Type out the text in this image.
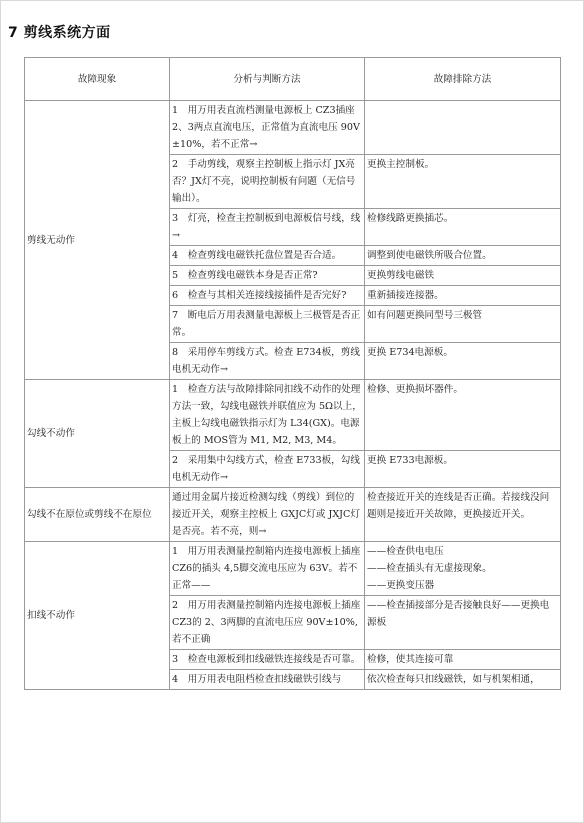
7 剪线系统方面
故障现象	分析与判断方法	故障排除方法
剪线无动作	1　用万用表直流档测量电源板上 CZ3插座 2、3两点直流电压，正常值为直流电压 90V±10%，若不正常→	
	2　手动剪线，观察主控制板上指示灯 JX亮否？JX灯不亮，说明控制板有问题（无信号输出）。	更换主控制板。
	3　灯亮，检查主控制板到电源板信号线，线→	检修线路更换插芯。
	4　检查剪线电磁铁托盘位置是否合适。	调整到使电磁铁所吸合位置。
	5　检查剪线电磁铁本身是否正常?	更换剪线电磁铁
	6　检查与其相关连接线接插件是否完好?	重新插接连接器。
	7　断电后万用表测量电源板上三极管是否正常。	如有问题更换同型号三极管
	8　采用停车剪线方式。检查 E734板，剪线电机无动作→	更换 E734电源板。
勾线不动作	1　检查方法与故障排除同扣线不动作的处理方法一致，勾线电磁铁并联值应为 5Ω以上，主板上勾线电磁铁指示灯为 L34(GX)。电源板上的 MOS管为 M1, M2, M3, M4。	检修、更换损坏器件。
	2　采用集中勾线方式，检查 E733板，勾线电机无动作→	更换 E733电源板。
勾线不在原位或剪线不在原位	通过用金属片接近检测勾线（剪线）到位的接近开关，观察主控板上 GXJC灯或 JXJC灯是否亮。若不亮，则→	检查接近开关的连线是否正确。若接线没问题则是接近开关故障，更换接近开关。
扣线不动作	1　用万用表测量控制箱内连接电源板上插座 CZ6的插头 4,5脚交流电压应为 63V。若不正常——	——检查供电电压
——检查插头有无虚接现象。
——更换变压器
	2　用万用表测量控制箱内连接电源板上插座 CZ3的 2、3两脚的直流电压应 90V±10%,若不正确	——检查插接部分是否接触良好——更换电源板
	3　检查电源板到扣线磁铁连接线是否可靠。	检修，使其连接可靠
	4　用万用表电阻档检查扣线磁铁引线与	依次检查每只扣线磁铁，如与机架相通，
